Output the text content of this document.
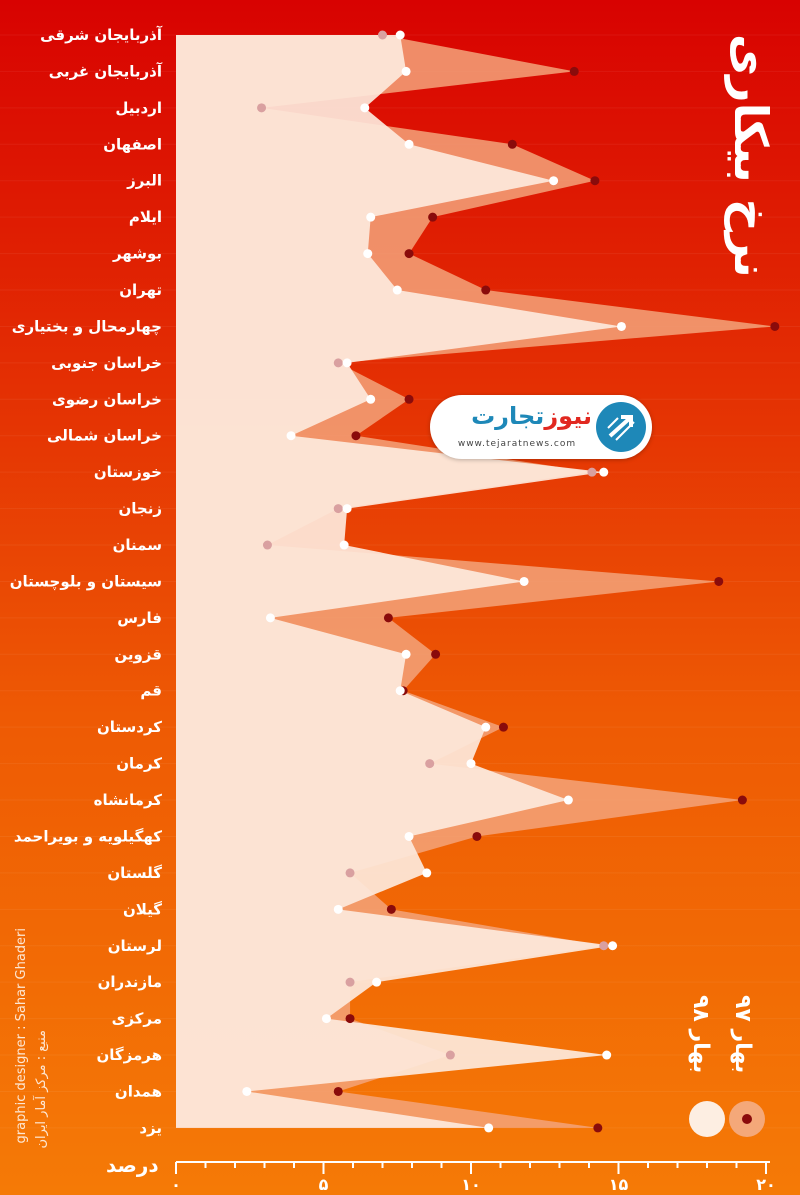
آذربایجان شرقی
آذربایجان غربی
اردبیل
اصفهان
البرز
ایلام
بوشهر
تهران
چهارمحال و بختیاری
خراسان جنوبی
خراسان رضوی
خراسان شمالی
خوزستان
زنجان
سمنان
سیستان و بلوچستان
فارس
قزوین
قم
کردستان
کرمان
کرمانشاه
کهگیلویه و بویراحمد
گلستان
گیلان
لرستان
مازندران
مرکزی
هرمزگان
همدان
یزد
۰	۵	۱۰	۱۵	۲۰
نرخ بیکاری
نیوزتجارت
www.tejaratnews.com
درصد
graphic designer : Sahar Ghaderi منبع : مرکز آمار ایران
بهار ۹۸
بهار ۹۷
